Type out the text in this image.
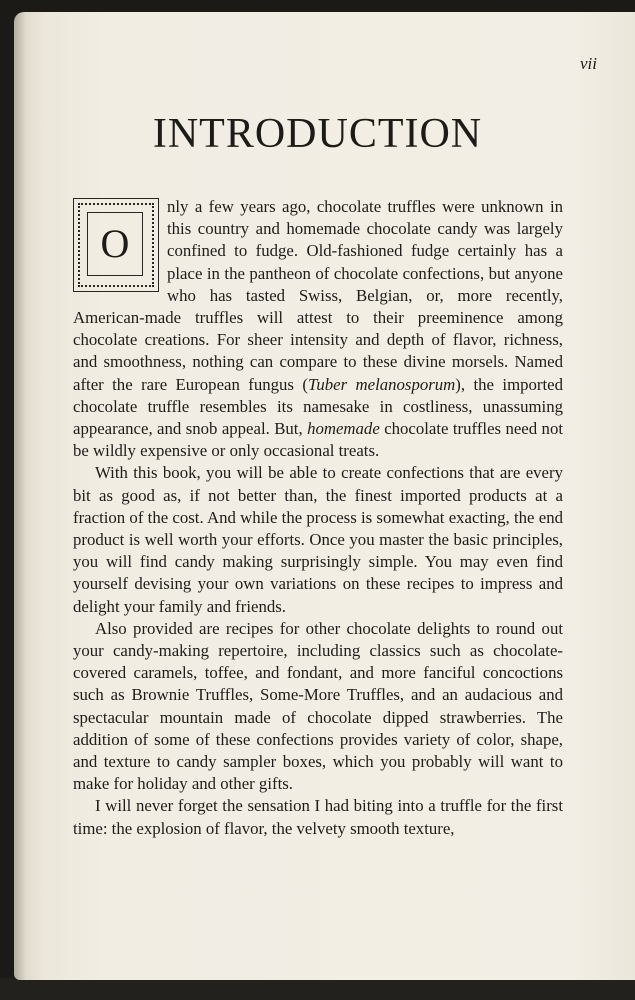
vii
INTRODUCTION

O
nly a few years ago, chocolate truffles were unknown in this country and homemade chocolate candy was largely confined to fudge. Old-fashioned fudge certainly has a place in the pantheon of chocolate confections, but anyone who has tasted Swiss, Belgian, or, more recently, American-made truffles will attest to their preeminence among chocolate creations. For sheer intensity and depth of flavor, richness, and smoothness, nothing can compare to these divine morsels. Named after the rare European fungus (Tuber melanosporum), the imported chocolate truffle resembles its namesake in costliness, unassuming appearance, and snob appeal. But, homemade chocolate truffles need not be wildly expensive or only occasional treats.

With this book, you will be able to create confections that are every bit as good as, if not better than, the finest imported products at a fraction of the cost. And while the process is somewhat exacting, the end product is well worth your efforts. Once you master the basic principles, you will find candy making surprisingly simple. You may even find yourself devising your own variations on these recipes to impress and delight your family and friends.

Also provided are recipes for other chocolate delights to round out your candy-making repertoire, including classics such as chocolate-covered caramels, toffee, and fondant, and more fanciful concoctions such as Brownie Truffles, Some-More Truffles, and an audacious and spectacular mountain made of chocolate dipped strawberries. The addition of some of these confections provides variety of color, shape, and texture to candy sampler boxes, which you probably will want to make for holiday and other gifts.

I will never forget the sensation I had biting into a truffle for the first time: the explosion of flavor, the velvety smooth texture,
